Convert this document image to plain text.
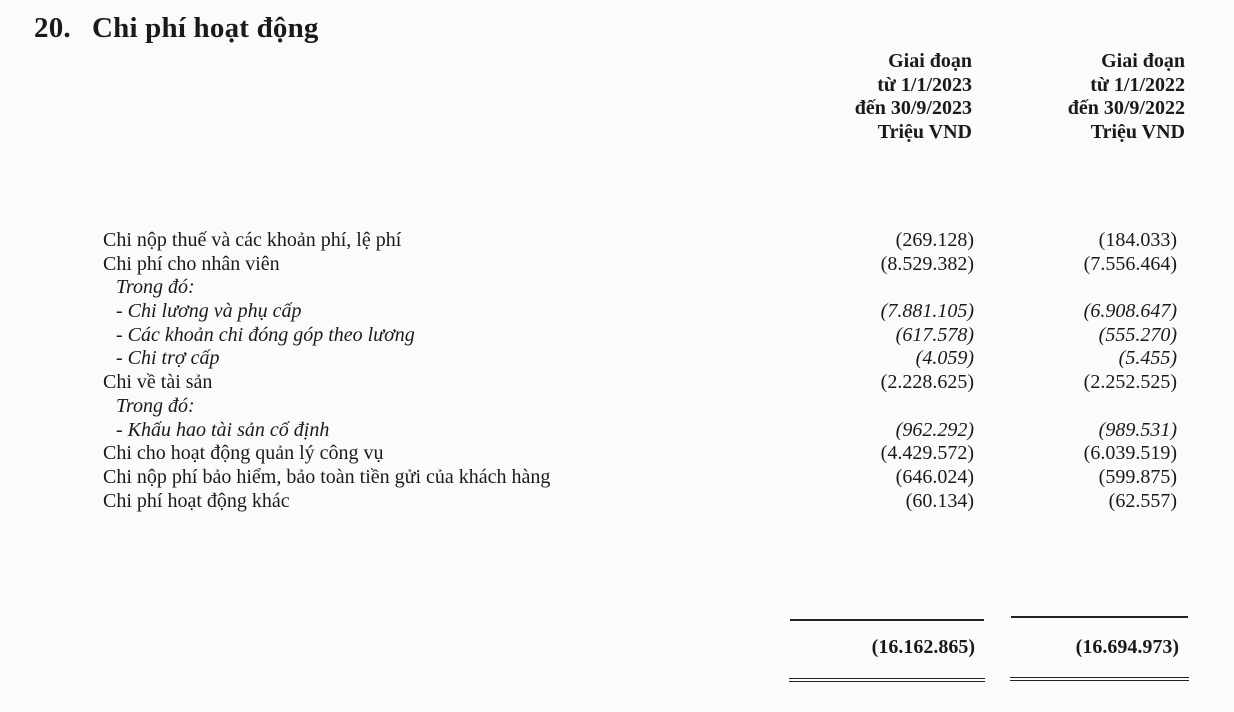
20. Chi phí hoạt động
Giai đoạn
từ 1/1/2023
đến 30/9/2023
Triệu VND
Giai đoạn
từ 1/1/2022
đến 30/9/2022
Triệu VND
Chi nộp thuế và các khoản phí, lệ phí	(269.128)	(184.033)
Chi phí cho nhân viên	(8.529.382)	(7.556.464)
Trong đó:
- Chi lương và phụ cấp	(7.881.105)	(6.908.647)
- Các khoản chi đóng góp theo lương	(617.578)	(555.270)
- Chi trợ cấp	(4.059)	(5.455)
Chi về tài sản	(2.228.625)	(2.252.525)
Trong đó:
- Khấu hao tài sản cố định	(962.292)	(989.531)
Chi cho hoạt động quản lý công vụ	(4.429.572)	(6.039.519)
Chi nộp phí bảo hiểm, bảo toàn tiền gửi của khách hàng	(646.024)	(599.875)
Chi phí hoạt động khác	(60.134)	(62.557)
(16.162.865)	(16.694.973)
